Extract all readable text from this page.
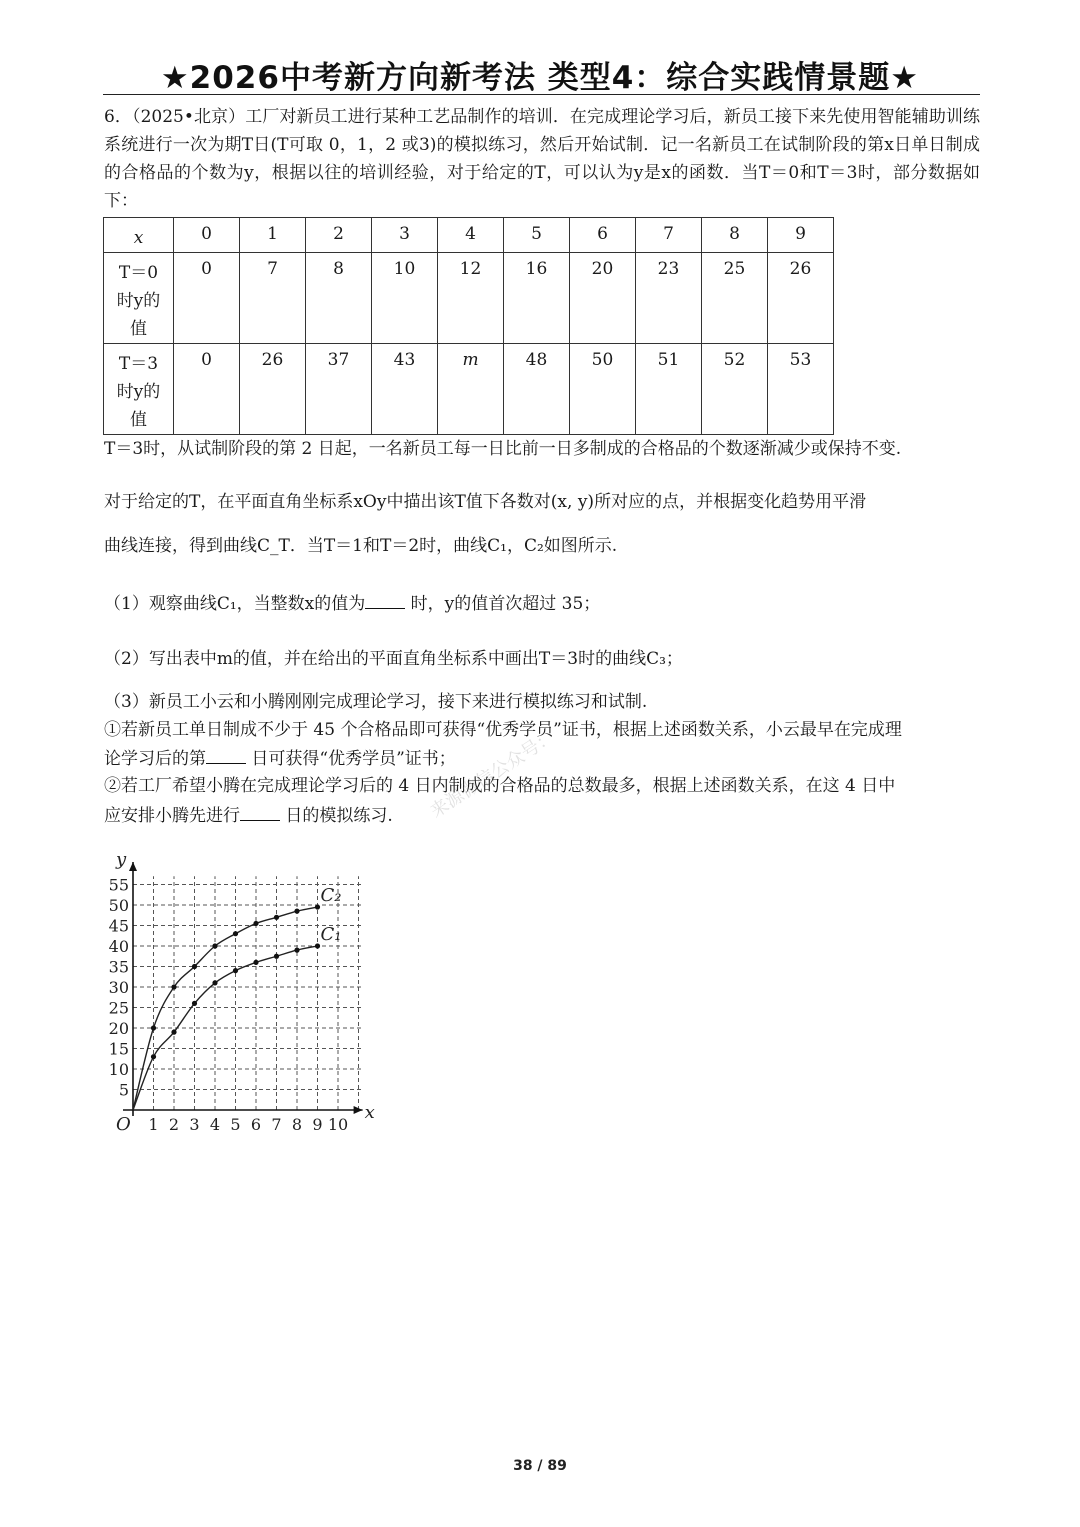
★2026中考新方向新考法 类型4：综合实践情景题★

6．（2025•北京）工厂对新员工进行某种工艺品制作的培训．在完成理论学习后，新员工接下来先使用智能辅助训练系统进行一次为期T日(T可取 0，1，2 或3)的模拟练习，然后开始试制．记一名新员工在试制阶段的第x日单日制成的合格品的个数为y，根据以往的培训经验，对于给定的T，可以认为y是x的函数．当T＝0和T＝3时，部分数据如下：

x	0	1	2	3	4	5	6	7	8	9

T＝0
时y的
值	0	7	8	10	12	16	20	23	25	26

T＝3
时y的
值	0	26	37	43	m	48	50	51	52	53

T＝3时，从试制阶段的第 2 日起，一名新员工每一日比前一日多制成的合格品的个数逐渐减少或保持不变.

对于给定的T，在平面直角坐标系xOy中描出该T值下各数对(x, y)所对应的点，并根据变化趋势用平滑
曲线连接，得到曲线C_T．当T＝1和T＝2时，曲线C₁，C₂如图所示.
（1）观察曲线C₁，当整数x的值为	时，y的值首次超过 35；
（2）写出表中m的值，并在给出的平面直角坐标系中画出T＝3时的曲线C₃；
（3）新员工小云和小腾刚刚完成理论学习，接下来进行模拟练习和试制.
①若新员工单日制成不少于 45 个合格品即可获得“优秀学员”证书，根据上述函数关系，小云最早在完成理
论学习后的第	日可获得“优秀学员”证书；
②若工厂希望小腾在完成理论学习后的 4 日内制成的合格品的总数最多，根据上述函数关系，在这 4 日中
应安排小腾先进行	日的模拟练习. 来源微信公众号：
x
y
O 1 2 3 4 5 6 7 8 9 10
5
10
15
20
25
30
35
40
45
50
55
C₁
C₂
38 / 89
